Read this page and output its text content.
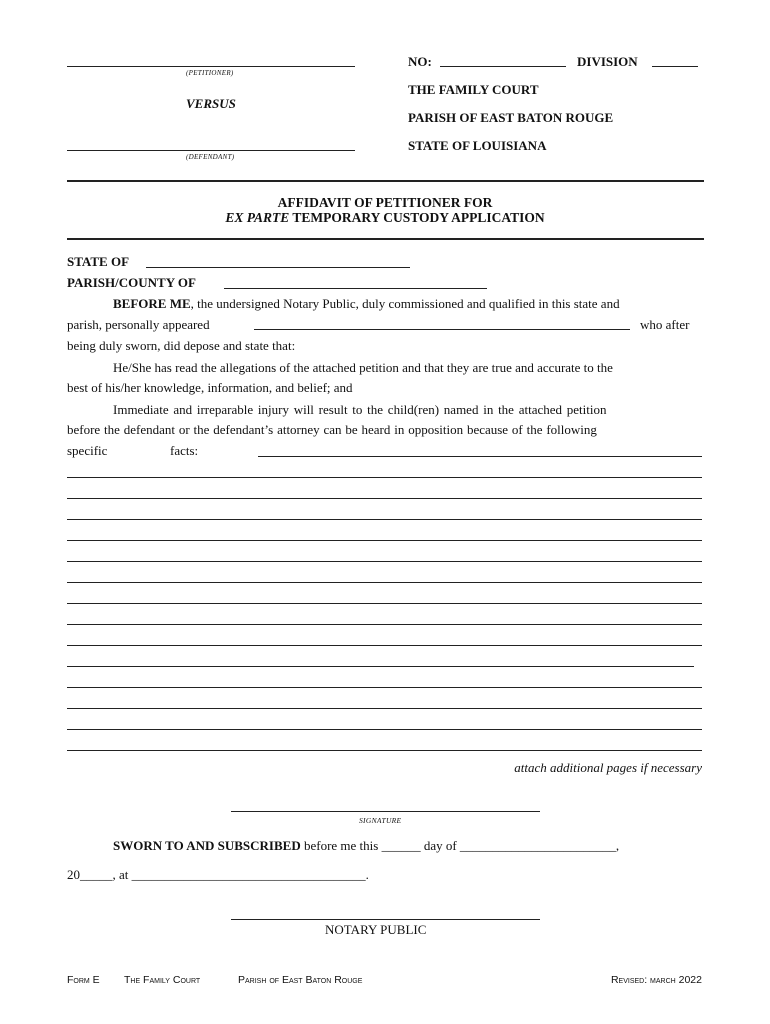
(PETITIONER)
VERSUS
(DEFENDANT)
NO:	DIVISION
THE FAMILY COURT
PARISH OF EAST BATON ROUGE
STATE OF LOUISIANA
AFFIDAVIT OF PETITIONER FOR
EX PARTE TEMPORARY CUSTODY APPLICATION
STATE OF
PARISH/COUNTY OF
BEFORE ME, the undersigned Notary Public, duly commissioned and qualified in this state and
parish, personally appeared	who after
being duly sworn, did depose and state that:
He/She has read the allegations of the attached petition and that they are true and accurate to the
best of his/her knowledge, information, and belief; and
Immediate and irreparable injury will result to the child(ren) named in the attached petition
before the defendant or the defendant’s attorney can be heard in opposition because of the following
specific	facts:
attach additional pages if necessary
SIGNATURE
SWORN TO AND SUBSCRIBED before me this ______ day of ________________________,
20_____, at ____________________________________.
NOTARY PUBLIC
Form E The Family Court	Parish of East Baton Rouge	Revised: march 2022
